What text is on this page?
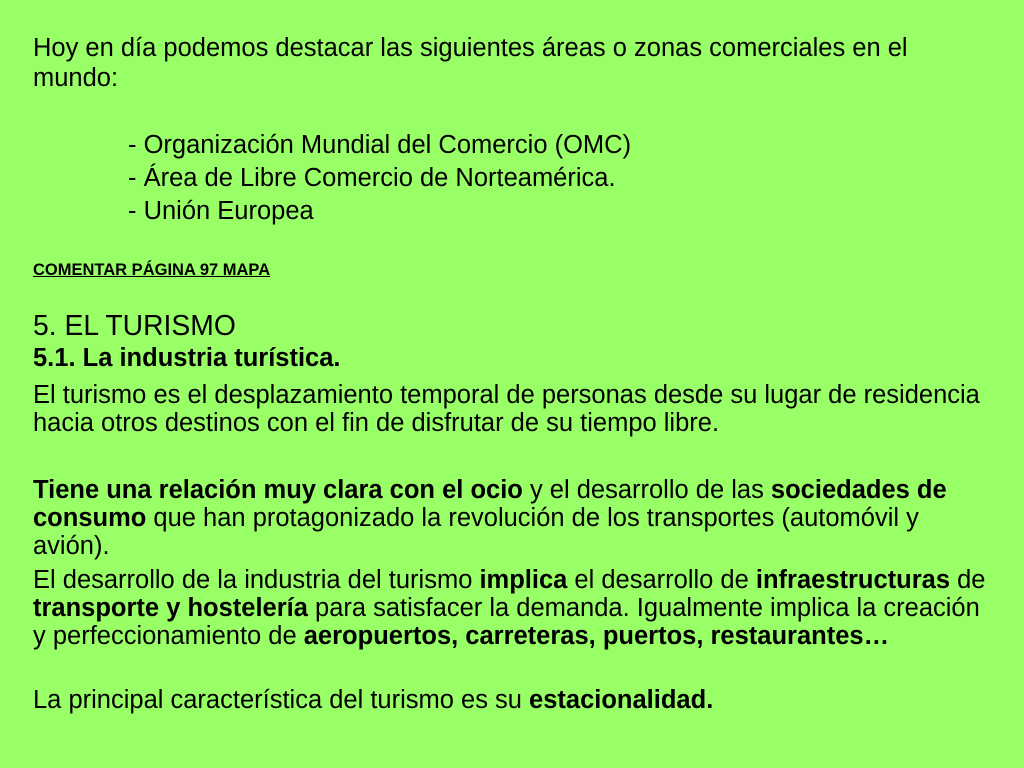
Hoy en día podemos destacar las siguientes áreas o zonas comerciales en el

mundo:

- Organización Mundial del Comercio (OMC)

- Área de Libre Comercio de Norteamérica.

- Unión Europea

COMENTAR PÁGINA 97 MAPA
5. EL TURISMO
5.1. La industria turística.

El turismo es el desplazamiento temporal de personas desde su lugar de residencia

hacia otros destinos con el fin de disfrutar de su tiempo libre.

Tiene una relación muy clara con el ocio y el desarrollo de las sociedades de

consumo que han protagonizado la revolución de los transportes (automóvil y

avión).

El desarrollo de la industria del turismo implica el desarrollo de infraestructuras de

transporte y hostelería para satisfacer la demanda. Igualmente implica la creación

y perfeccionamiento de aeropuertos, carreteras, puertos, restaurantes…

La principal característica del turismo es su estacionalidad.
